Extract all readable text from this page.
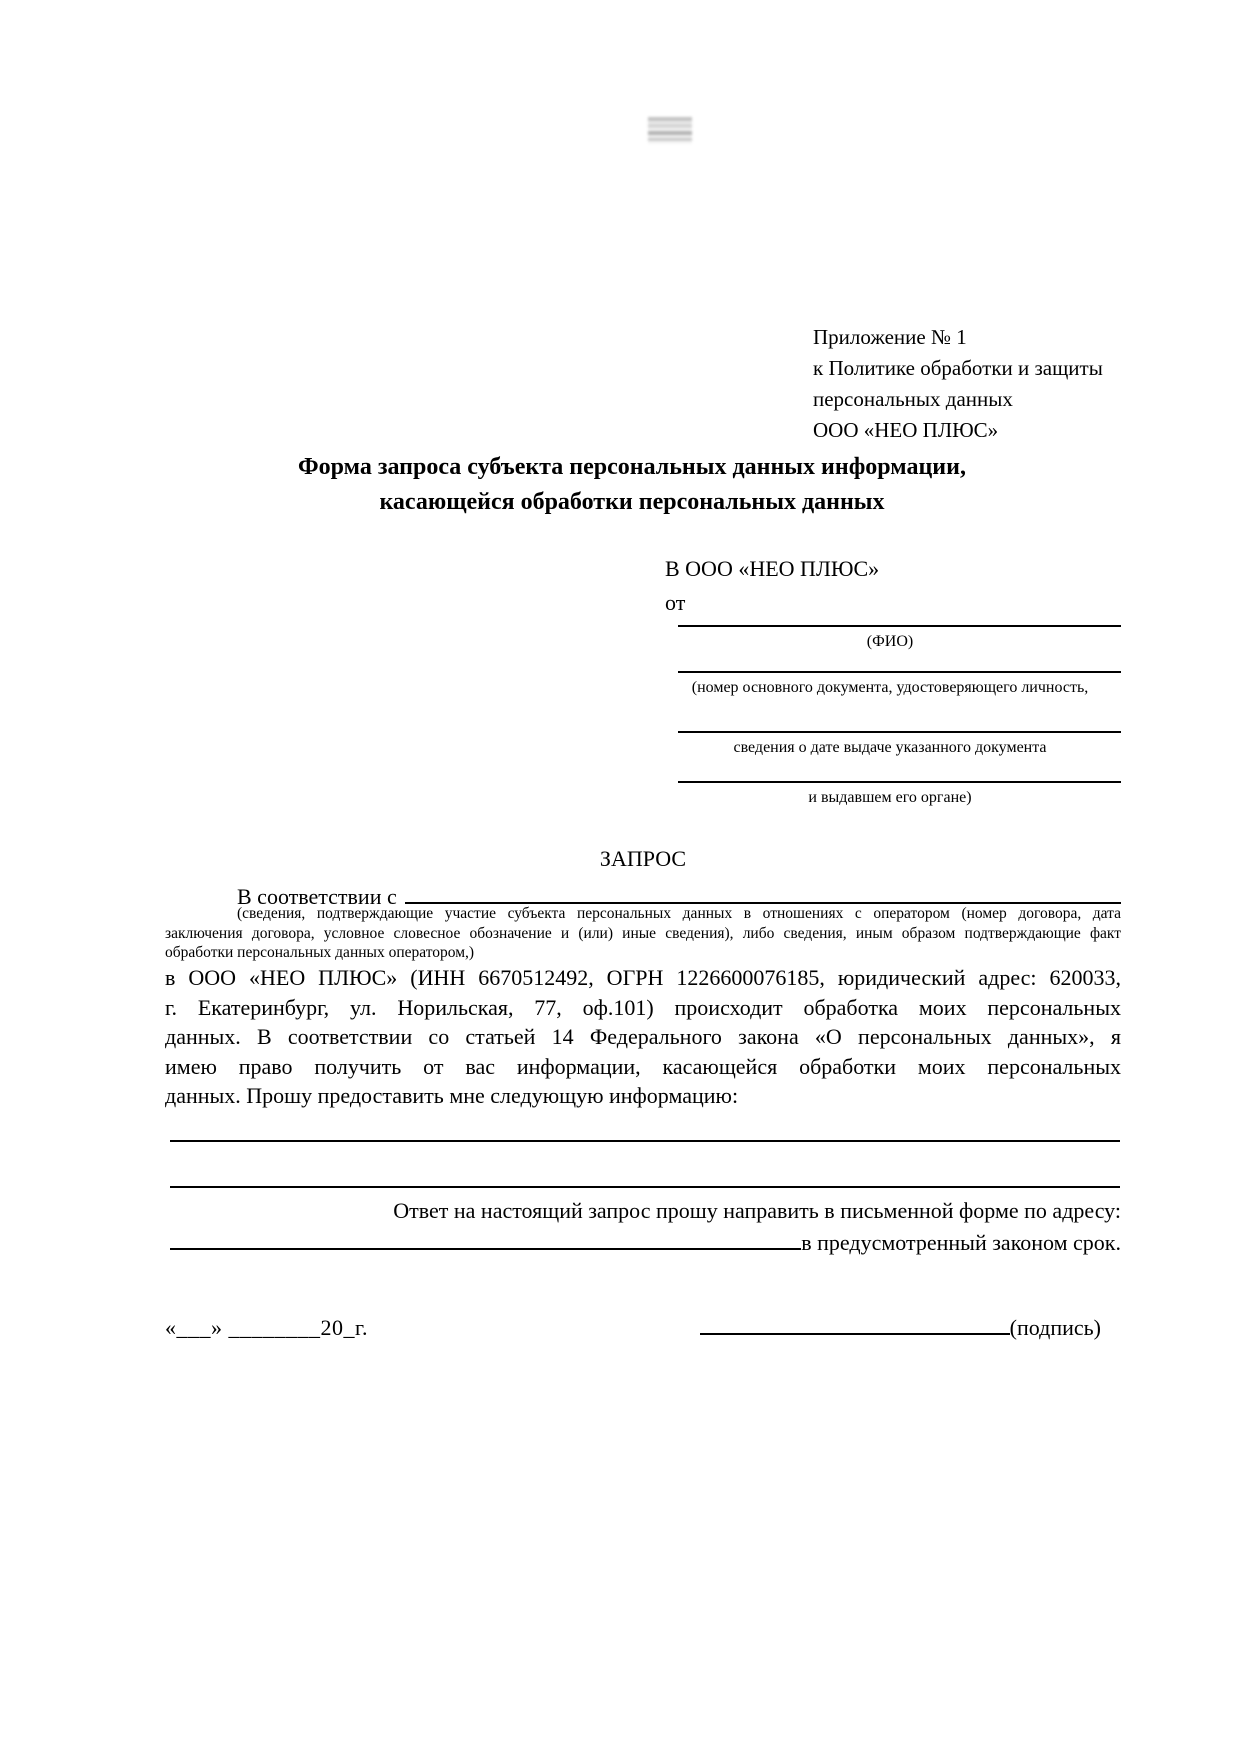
Приложение № 1
к Политике обработки и защиты
персональных данных
ООО «НЕО ПЛЮС»
Форма запроса субъекта персональных данных информации,
касающейся обработки персональных данных
В ООО «НЕО ПЛЮС»
от
(ФИО)
(номер основного документа, удостоверяющего личность,
сведения о дате выдаче указанного документа
и выдавшем его органе)
ЗАПРОС
В соответствии с
(сведения, подтверждающие участие субъекта персональных данных в отношениях с оператором (номер договора, дата
заключения договора, условное словесное обозначение и (или) иные сведения), либо сведения, иным образом подтверждающие факт
обработки персональных данных оператором,)
в ООО «НЕО ПЛЮС» (ИНН 6670512492, ОГРН 1226600076185, юридический адрес: 620033,
г. Екатеринбург, ул. Норильская, 77, оф.101) происходит обработка моих персональных
данных. В соответствии со статьей 14 Федерального закона «О персональных данных», я
имею право получить от вас информации, касающейся обработки моих персональных
данных. Прошу предоставить мне следующую информацию:
Ответ на настоящий запрос прошу направить в письменной форме по адресу:
в предусмотренный законом срок.
«___» ________20_г.	(подпись)
